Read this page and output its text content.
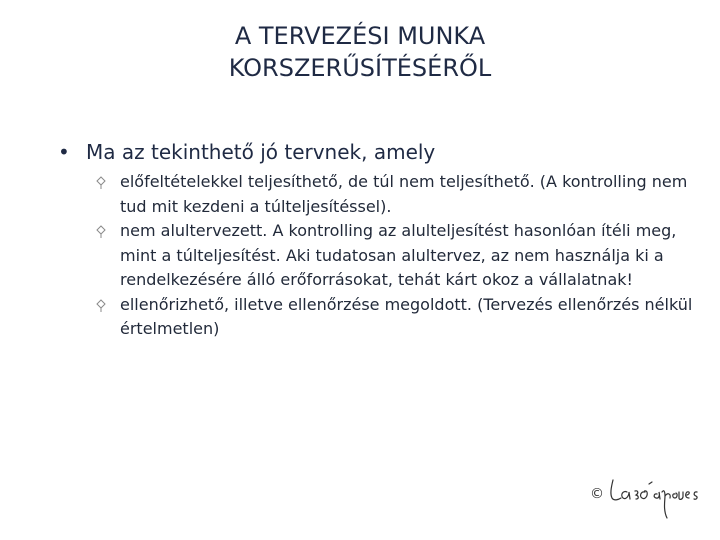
A TERVEZÉSI MUNKA
KORSZERŰSÍTÉSÉRŐL
• Ma az tekinthető jó tervnek, amely
előfeltételekkel teljesíthető, de túl nem teljesíthető. (A kontrolling nem tud mit kezdeni a túlteljesítéssel).
nem alultervezett. A kontrolling az alulteljesítést hasonlóan ítéli meg, mint a túlteljesítést. Aki tudatosan alultervez, az nem használja ki a rendelkezésére álló erőforrásokat, tehát kárt okoz a vállalatnak!
ellenőrizhető, illetve ellenőrzése megoldott. (Tervezés ellenőrzés nélkül értelmetlen)
©
